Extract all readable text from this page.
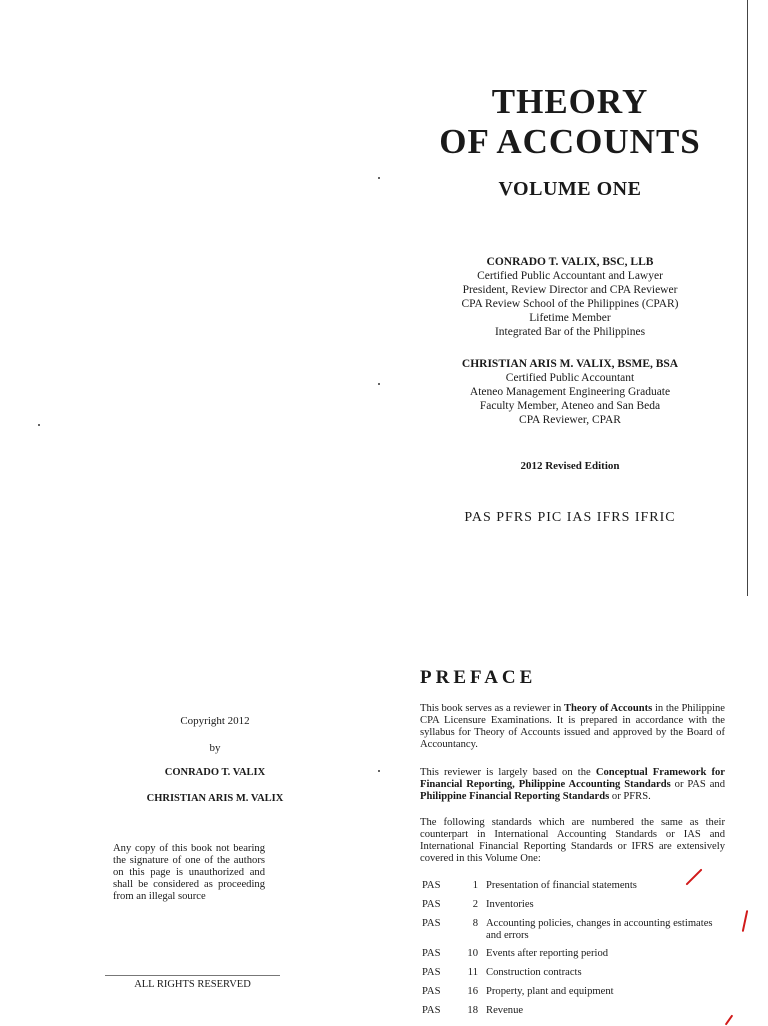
THEORY
OF ACCOUNTS
VOLUME ONE
CONRADO T. VALIX, BSC, LLB
Certified Public Accountant and Lawyer
President, Review Director and CPA Reviewer
CPA Review School of the Philippines (CPAR)
Lifetime Member
Integrated Bar of the Philippines
CHRISTIAN ARIS M. VALIX, BSME, BSA
Certified Public Accountant
Ateneo Management Engineering Graduate
Faculty Member, Ateneo and San Beda
CPA Reviewer, CPAR
2012 Revised Edition
PAS PFRS PIC IAS IFRS IFRIC
PREFACE
This book serves as a reviewer in Theory of Accounts in the Philippine CPA Licensure Examinations. It is prepared in accordance with the syllabus for Theory of Accounts issued and approved by the Board of Accountancy.
This reviewer is largely based on the Conceptual Framework for Financial Reporting, Philippine Accounting Standards or PAS and Philippine Financial Reporting Standards or PFRS.
The following standards which are numbered the same as their counterpart in International Accounting Standards or IAS and International Financial Reporting Standards or IFRS are extensively covered in this Volume One:
PAS	1 Presentation of financial statements
PAS	2 Inventories
PAS	8 Accounting policies, changes in accounting estimates and errors
PAS	10 Events after reporting period
PAS	11 Construction contracts
PAS	16 Property, plant and equipment
PAS	18 Revenue
Copyright 2012
by
CONRADO T. VALIX
CHRISTIAN ARIS M. VALIX
Any copy of this book not bearing the signature of one of the authors on this page is unauthorized and shall be considered as proceeding from an illegal source
ALL RIGHTS RESERVED
